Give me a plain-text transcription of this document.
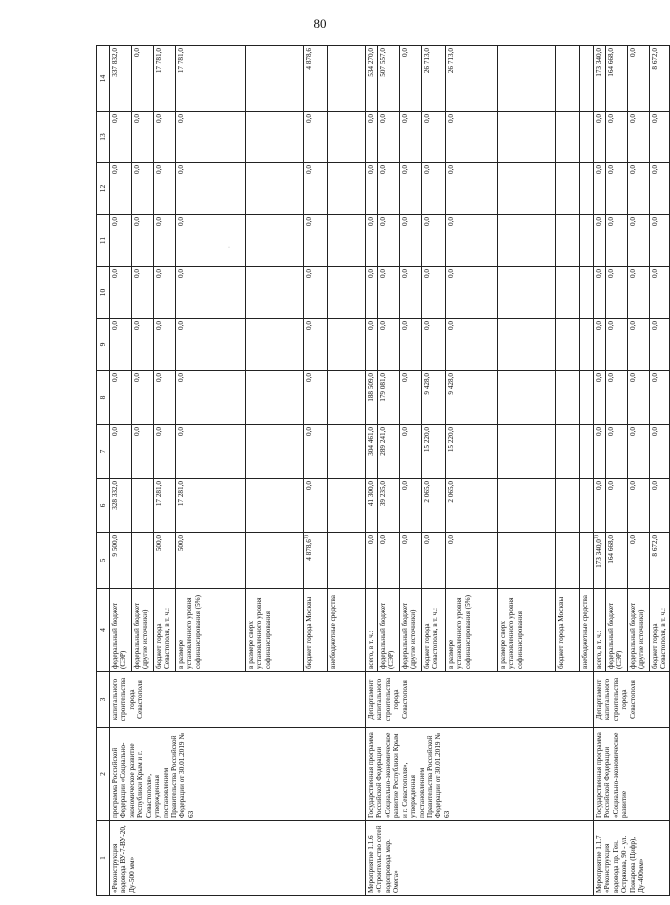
80
·
1	2	3	4	5	6	7	8	9	10	11	12	13	14
«Реконструкция водовода ВУ-7-ВУ-20, Ду-500 мм»	программа Российской Федерации «Социально-экономическое развитие Республики Крым и г. Севастополя», утвержденная постановлением Правительства Российской Федерации от 30.01.2019 № 63	капитального строительства города Севастополя	федеральный бюджет (СЭР)	9 500,0	328 332,0	0,0	0,0	0,0	0,0	0,0	0,0	0,0	337 832,0
			федеральный бюджет (другие источники)			0,0	0,0	0,0	0,0	0,0	0,0	0,0	0,0
			бюджет города Севастополя, в т. ч.:	500,0	17 281,0	0,0	0,0	0,0	0,0	0,0	0,0	0,0	17 781,0
			в размере установленного уровня софинансирования (5%)	500,0	17 281,0	0,0	0,0	0,0	0,0	0,0	0,0	0,0	17 781,0
			в размере сверх установленного уровня софинансирования										
			бюджет города Москвы	4 878,6$^{1)}$	0,0	0,0	0,0	0,0	0,0	0,0	0,0	0,0	4 878,6
			внебюджетные средства										
Мероприятие 1.1.6 «Строительство сетей водопровода мкр. Омега»	Государственная программа Российской Федерации «Социально-экономическое развитие Республики Крым и г. Севастополя», утвержденная постановлением Правительства Российской Федерации от 30.01.2019 № 63	Департамент капитального строительства города Севастополя	всего, в т. ч.:	0,0	41 300,0	304 461,0	188 509,0	0,0	0,0	0,0	0,0	0,0	534 270,0
			федеральный бюджет (СЭР)	0,0	39 235,0	289 241,0	179 081,0	0,0	0,0	0,0	0,0	0,0	507 557,0
			федеральный бюджет (другие источники)	0,0	0,0	0,0	0,0	0,0	0,0	0,0	0,0	0,0	0,0
			бюджет города Севастополя, в т. ч.:	0,0	2 065,0	15 220,0	9 428,0	0,0	0,0	0,0	0,0	0,0	26 713,0
			в размере установленного уровня софинансирования (5%)	0,0	2 065,0	15 220,0	9 428,0	0,0	0,0	0,0	0,0	0,0	26 713,0
			в размере сверх установленного уровня софинансирования										
			бюджет города Москвы										
			внебюджетные средства										
Мероприятие 1.1.7 «Реконструкция водовода пр. Ген. Острякова, 90 - ул. Пожарова (Цифр), Ду-400мм»	Государственная программа Российской Федерации «Социально-экономическое развитие	Департамент капитального строительства города Севастополя	всего, в т. ч.:	173 340,0$^{1)}$	0,0	0,0	0,0	0,0	0,0	0,0	0,0	0,0	173 340,0
			федеральный бюджет (СЭР)	164 668,0	0,0	0,0	0,0	0,0	0,0	0,0	0,0	0,0	164 668,0
			федеральный бюджет (другие источники)	0,0	0,0	0,0	0,0	0,0	0,0	0,0	0,0	0,0	0,0
			бюджет города Севастополя, в т. ч.:	8 672,0	0,0	0,0	0,0	0,0	0,0	0,0	0,0	0,0	8 672,0
